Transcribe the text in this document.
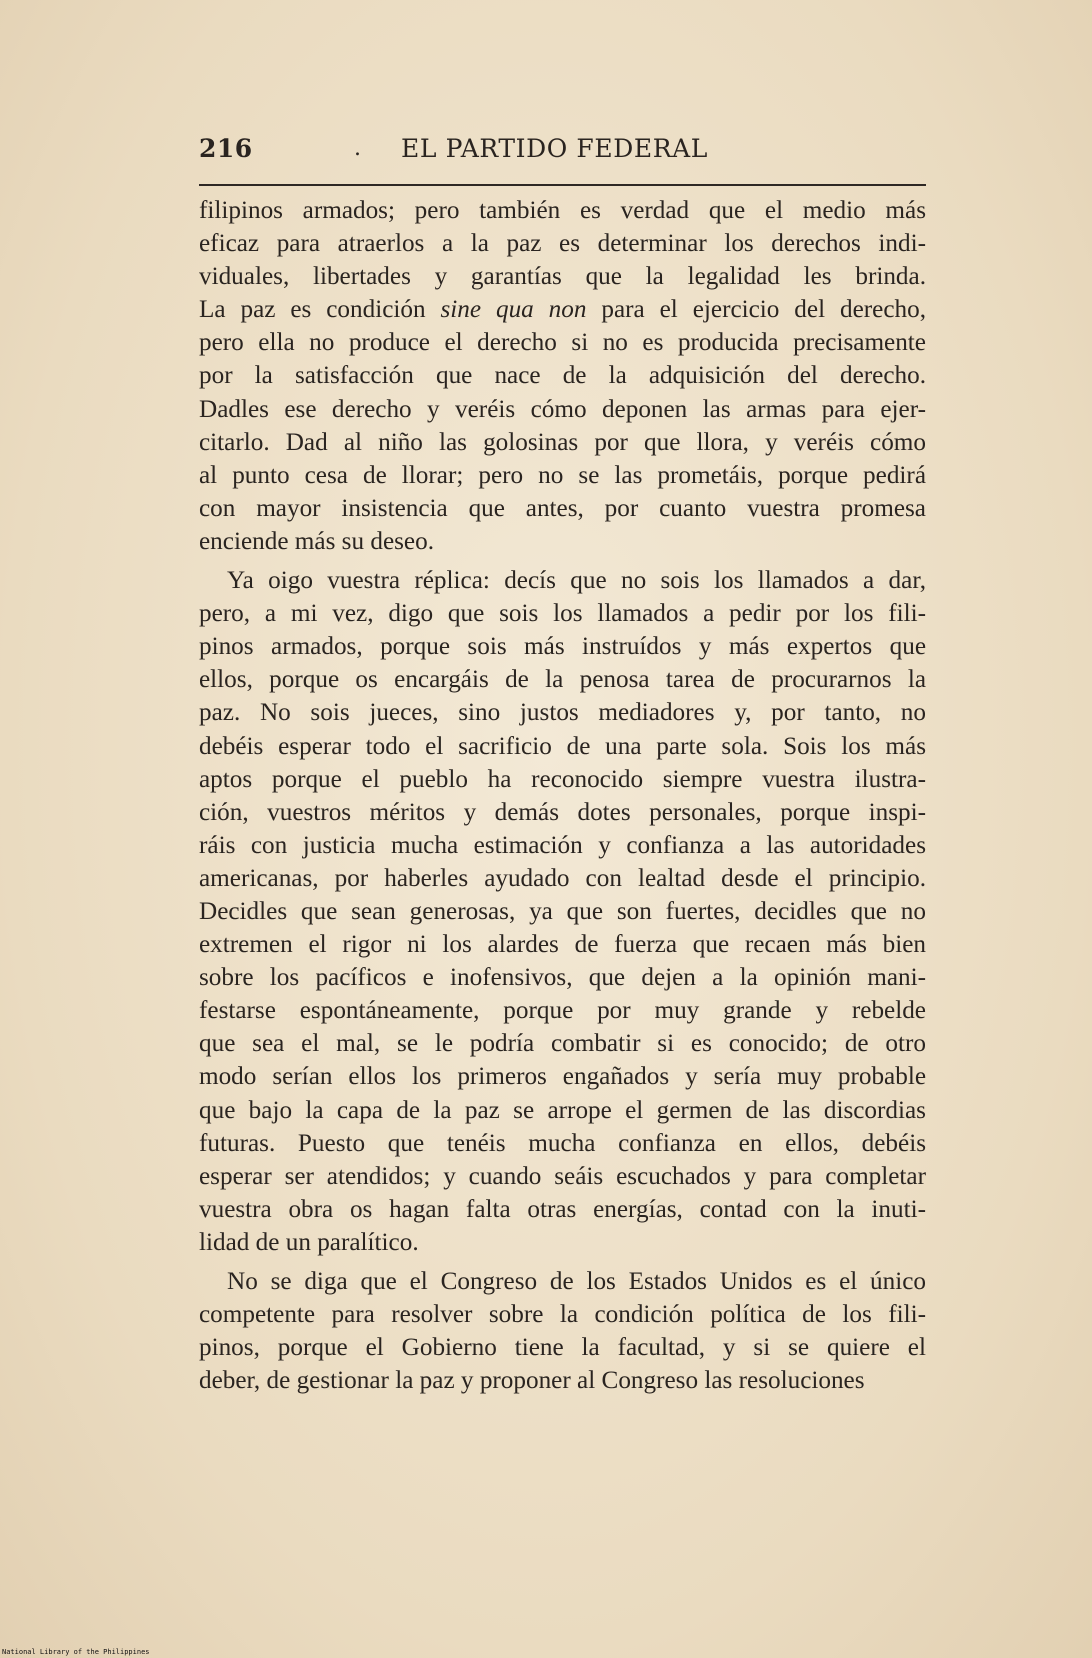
216	. EL PARTIDO FEDERAL
filipinos armados; pero también es verdad que el medio más
eficaz para atraerlos a la paz es determinar los derechos indi-
viduales, libertades y garantías que la legalidad les brinda.
La paz es condición sine qua non para el ejercicio del derecho,
pero ella no produce el derecho si no es producida precisamente
por la satisfacción que nace de la adquisición del derecho.
Dadles ese derecho y veréis cómo deponen las armas para ejer-
citarlo. Dad al niño las golosinas por que llora, y veréis cómo
al punto cesa de llorar; pero no se las prometáis, porque pedirá
con mayor insistencia que antes, por cuanto vuestra promesa
enciende más su deseo.
Ya oigo vuestra réplica: decís que no sois los llamados a dar,
pero, a mi vez, digo que sois los llamados a pedir por los fili-
pinos armados, porque sois más instruídos y más expertos que
ellos, porque os encargáis de la penosa tarea de procurarnos la
paz. No sois jueces, sino justos mediadores y, por tanto, no
debéis esperar todo el sacrificio de una parte sola. Sois los más
aptos porque el pueblo ha reconocido siempre vuestra ilustra-
ción, vuestros méritos y demás dotes personales, porque inspi-
ráis con justicia mucha estimación y confianza a las autoridades
americanas, por haberles ayudado con lealtad desde el principio.
Decidles que sean generosas, ya que son fuertes, decidles que no
extremen el rigor ni los alardes de fuerza que recaen más bien
sobre los pacíficos e inofensivos, que dejen a la opinión mani-
festarse espontáneamente, porque por muy grande y rebelde
que sea el mal, se le podría combatir si es conocido; de otro
modo serían ellos los primeros engañados y sería muy probable
que bajo la capa de la paz se arrope el germen de las discordias
futuras. Puesto que tenéis mucha confianza en ellos, debéis
esperar ser atendidos; y cuando seáis escuchados y para completar
vuestra obra os hagan falta otras energías, contad con la inuti-
lidad de un paralítico.
No se diga que el Congreso de los Estados Unidos es el único
competente para resolver sobre la condición política de los fili-
pinos, porque el Gobierno tiene la facultad, y si se quiere el
deber, de gestionar la paz y proponer al Congreso las resoluciones
National Library of the Philippines
